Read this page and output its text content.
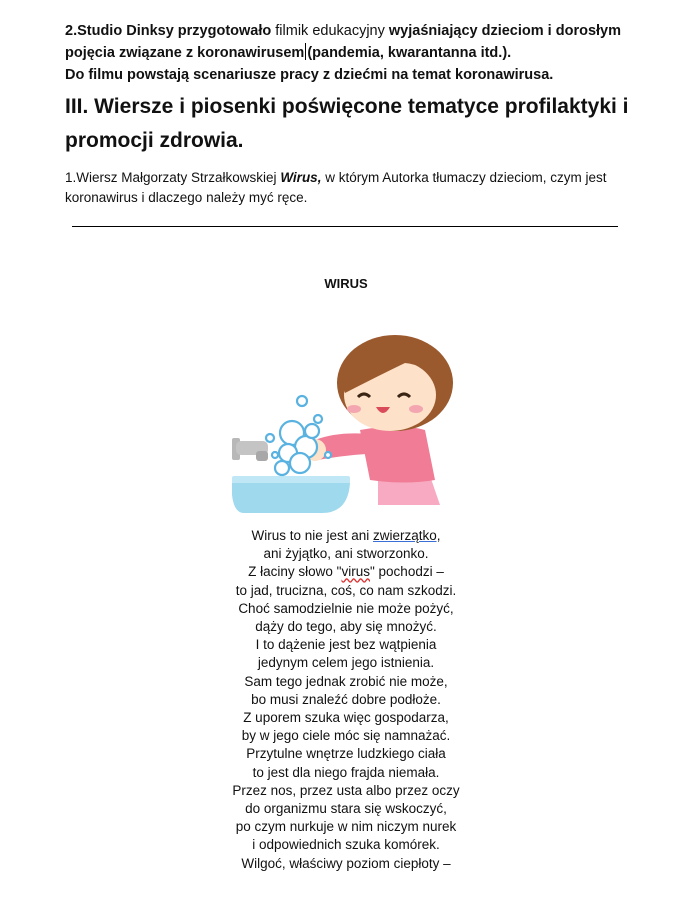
2.Studio Dinksy przygotowało filmik edukacyjny wyjaśniający dzieciom i dorosłym pojęcia związane z koronawirusem (pandemia, kwarantanna itd.).
Do filmu powstają scenariusze pracy z dziećmi na temat koronawirusa.
III. Wiersze i piosenki poświęcone tematyce profilaktyki i promocji zdrowia.
1.Wiersz Małgorzaty Strzałkowskiej Wirus, w którym Autorka tłumaczy dzieciom, czym jest koronawirus i dlaczego należy myć ręce.
WIRUS
Wirus to nie jest ani zwierzątko,
ani żyjątko, ani stworzonko.
Z łaciny słowo "virus" pochodzi –
to jad, trucizna, coś, co nam szkodzi.
Choć samodzielnie nie może pożyć,
dąży do tego, aby się mnożyć.
I to dążenie jest bez wątpienia
jedynym celem jego istnienia.
Sam tego jednak zrobić nie może,
bo musi znaleźć dobre podłoże.
Z uporem szuka więc gospodarza,
by w jego ciele móc się namnażać.
Przytulne wnętrze ludzkiego ciała
to jest dla niego frajda niemała.
Przez nos, przez usta albo przez oczy
do organizmu stara się wskoczyć,
po czym nurkuje w nim niczym nurek
i odpowiednich szuka komórek.
Wilgoć, właściwy poziom ciepłoty –
